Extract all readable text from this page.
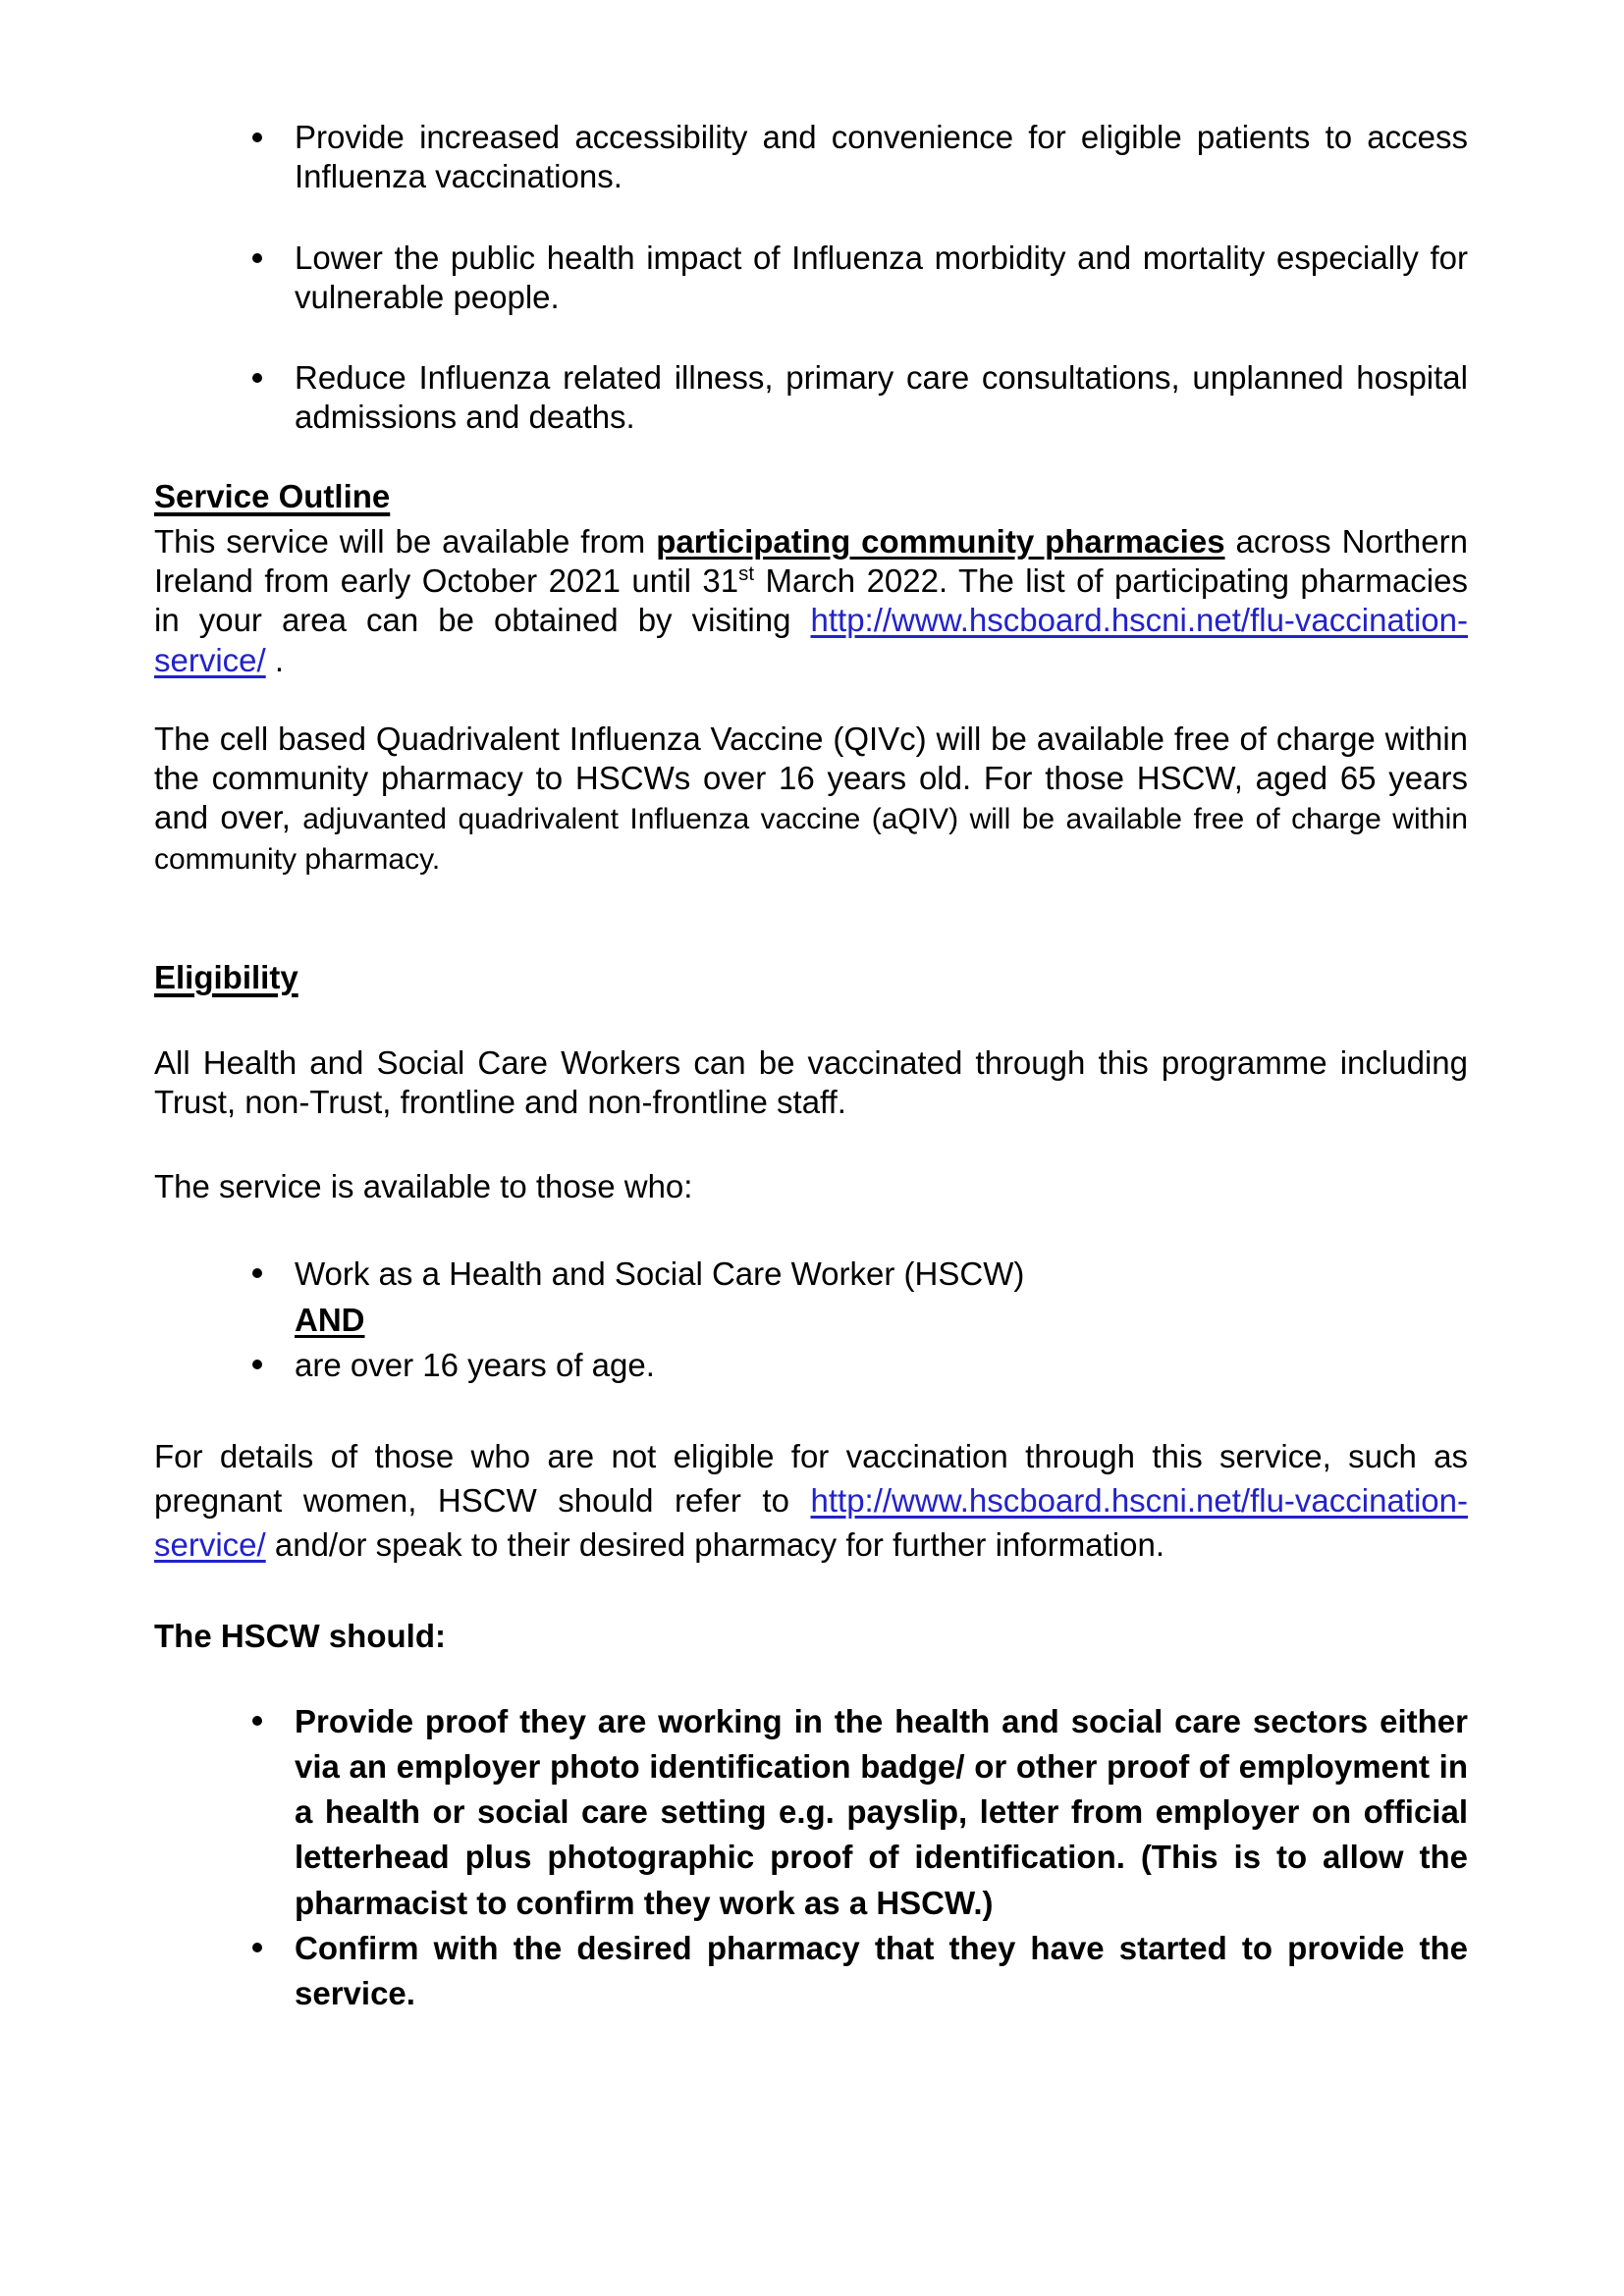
Provide increased accessibility and convenience for eligible patients to access Influenza vaccinations.
Lower the public health impact of Influenza morbidity and mortality especially for vulnerable people.
Reduce Influenza related illness, primary care consultations, unplanned hospital admissions and deaths.

Service Outline

This service will be available from participating community pharmacies across Northern Ireland from early October 2021 until 31st March 2022. The list of participating pharmacies in your area can be obtained by visiting http://www.hscboard.hscni.net/flu-vaccination-service/ .

The cell based Quadrivalent Influenza Vaccine (QIVc) will be available free of charge within the community pharmacy to HSCWs over 16 years old. For those HSCW, aged 65 years and over, adjuvanted quadrivalent Influenza vaccine (aQIV) will be available free of charge within community pharmacy.

Eligibility

All Health and Social Care Workers can be vaccinated through this programme including Trust, non-Trust, frontline and non-frontline staff.

The service is available to those who:

Work as a Health and Social Care Worker (HSCW)
AND
are over 16 years of age.

For details of those who are not eligible for vaccination through this service, such as pregnant women, HSCW should refer to http://www.hscboard.hscni.net/flu-vaccination-service/ and/or speak to their desired pharmacy for further information.

The HSCW should:

Provide proof they are working in the health and social care sectors either via an employer photo identification badge/ or other proof of employment in a health or social care setting e.g. payslip, letter from employer on official letterhead plus photographic proof of identification. (This is to allow the pharmacist to confirm they work as a HSCW.)
Confirm with the desired pharmacy that they have started to provide the service.
